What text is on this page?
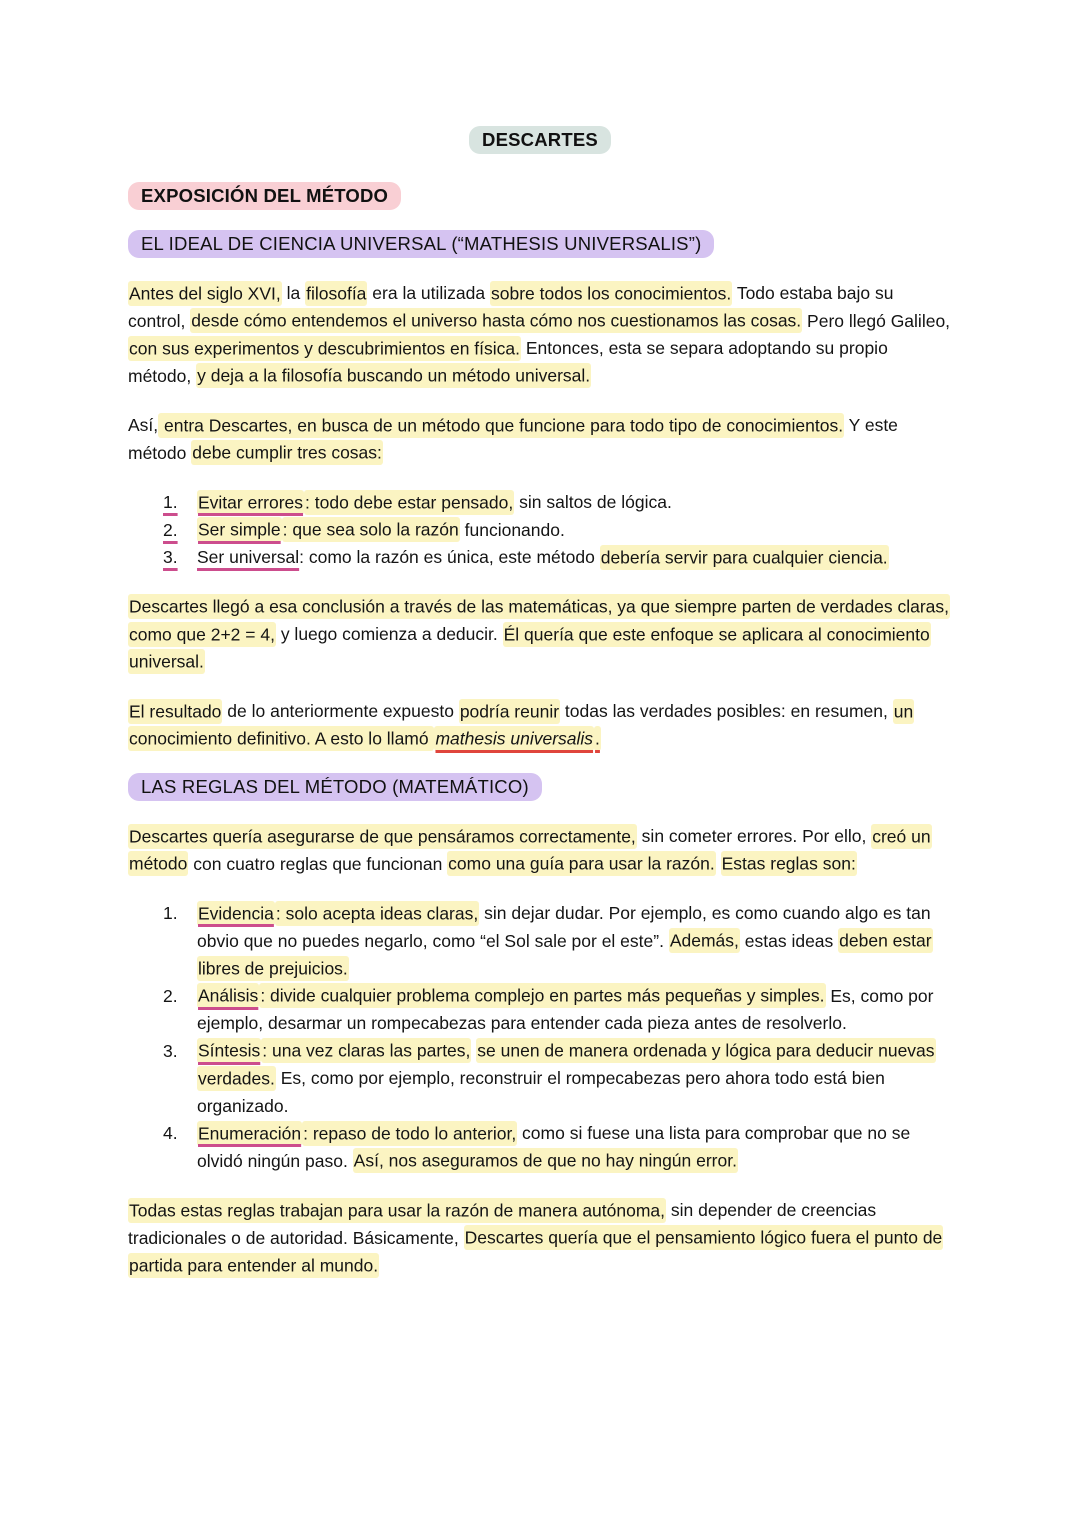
DESCARTES
EXPOSICIÓN DEL MÉTODO
EL IDEAL DE CIENCIA UNIVERSAL (“MATHESIS UNIVERSALIS”)

Antes del siglo XVI, la filosofía era la utilizada sobre todos los conocimientos. Todo estaba bajo su control, desde cómo entendemos el universo hasta cómo nos cuestionamos las cosas. Pero llegó Galileo, con sus experimentos y descubrimientos en física. Entonces, esta se separa adoptando su propio método, y deja a la filosofía buscando un método universal.

Así, entra Descartes, en busca de un método que funcione para todo tipo de conocimientos. Y este método debe cumplir tres cosas:

1. Evitar errores : todo debe estar pensado, sin saltos de lógica.
2. Ser simple : que sea solo la razón funcionando.
3. Ser universal: como la razón es única, este método debería servir para cualquier ciencia.

Descartes llegó a esa conclusión a través de las matemáticas, ya que siempre parten de verdades claras, como que 2+2 = 4, y luego comienza a deducir. Él quería que este enfoque se aplicara al conocimiento universal.

El resultado de lo anteriormente expuesto podría reunir todas las verdades posibles: en resumen, un conocimiento definitivo. A esto lo llamó mathesis universalis .

LAS REGLAS DEL MÉTODO (MATEMÁTICO)

Descartes quería asegurarse de que pensáramos correctamente, sin cometer errores. Por ello, creó un método con cuatro reglas que funcionan como una guía para usar la razón. Estas reglas son:

1. Evidencia : solo acepta ideas claras, sin dejar dudar. Por ejemplo, es como cuando algo es tan obvio que no puedes negarlo, como “el Sol sale por el este”. Además, estas ideas deben estar libres de prejuicios.
2. Análisis : divide cualquier problema complejo en partes más pequeñas y simples. Es, como por ejemplo, desarmar un rompecabezas para entender cada pieza antes de resolverlo.
3. Síntesis : una vez claras las partes, se unen de manera ordenada y lógica para deducir nuevas verdades. Es, como por ejemplo, reconstruir el rompecabezas pero ahora todo está bien organizado.
4. Enumeración : repaso de todo lo anterior, como si fuese una lista para comprobar que no se olvidó ningún paso. Así, nos aseguramos de que no hay ningún error.

Todas estas reglas trabajan para usar la razón de manera autónoma, sin depender de creencias tradicionales o de autoridad. Básicamente, Descartes quería que el pensamiento lógico fuera el punto de partida para entender al mundo.
